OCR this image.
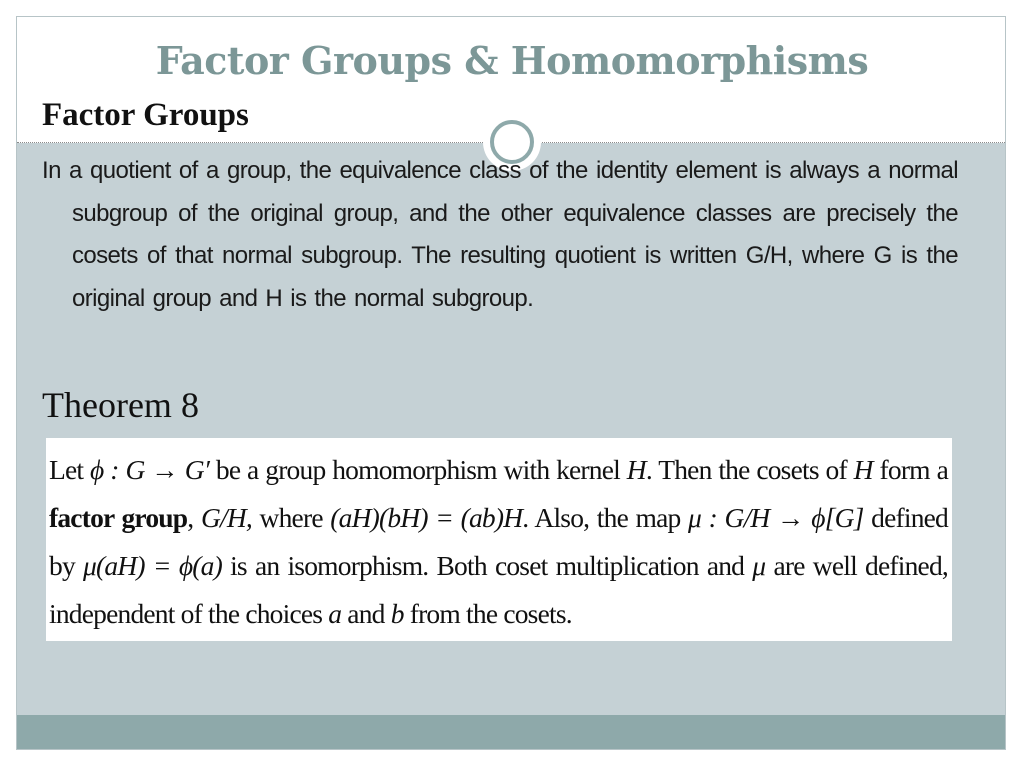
Factor Groups & Homomorphisms
Factor Groups
In a quotient of a group, the equivalence class of the identity element is always a normal subgroup of the original group, and the other equivalence classes are precisely the cosets of that normal subgroup. The resulting quotient is written G/H, where G is the original group and H is the normal subgroup.
Theorem 8
Let ϕ : G → G′ be a group homomorphism with kernel H. Then the cosets of H form a factor group, G/H, where (aH)(bH) = (ab)H. Also, the map μ : G/H → ϕ[G] defined by μ(aH) = ϕ(a) is an isomorphism. Both coset multiplication and μ are well defined, independent of the choices a and b from the cosets.
